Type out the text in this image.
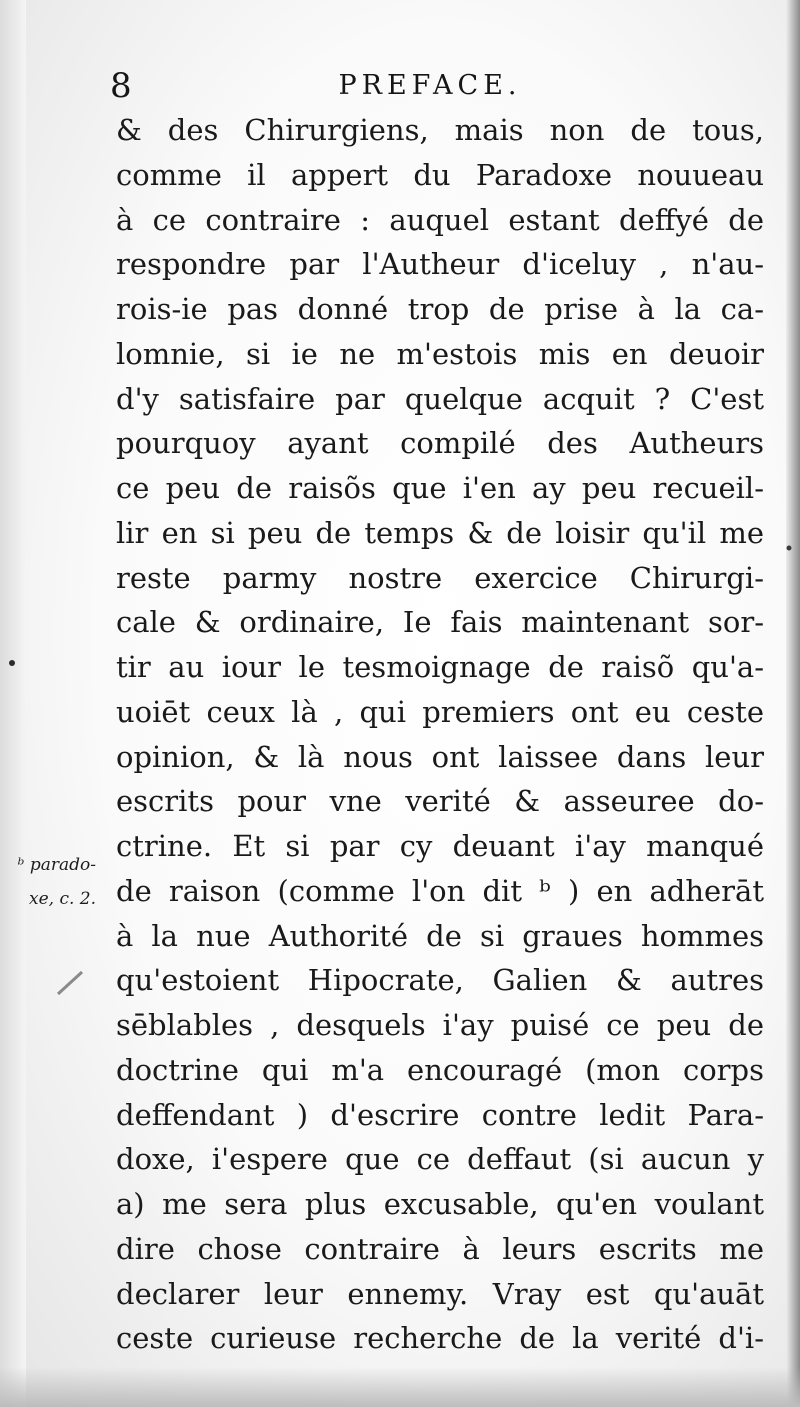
8	PREFACE.
& des Chirurgiens, mais non de tous,
comme il appert du Paradoxe nouueau
à ce contraire : auquel estant deffyé de
respondre par l'Autheur d'iceluy , n'au-
rois-ie pas donné trop de prise à la ca-
lomnie, si ie ne m'estois mis en deuoir
d'y satisfaire par quelque acquit ? C'est
pourquoy ayant compilé des Autheurs
ce peu de raisõs que i'en ay peu recueil-
lir en si peu de temps & de loisir qu'il me
reste parmy nostre exercice Chirurgi-
cale & ordinaire, Ie fais maintenant sor-
tir au iour le tesmoignage de raisõ qu'a-
uoiēt ceux là , qui premiers ont eu ceste
opinion, & là nous ont laissee dans leur
escrits pour vne verité & asseuree do-
ctrine. Et si par cy deuant i'ay manqué
de raison (comme l'on dit ᵇ ) en adherāt
à la nue Authorité de si graues hommes
qu'estoient Hipocrate, Galien & autres
sēblables , desquels i'ay puisé ce peu de
doctrine qui m'a encouragé (mon corps
deffendant ) d'escrire contre ledit Para-
doxe, i'espere que ce deffaut (si aucun y
a) me sera plus excusable, qu'en voulant
dire chose contraire à leurs escrits me
declarer leur ennemy. Vray est qu'auāt
ceste curieuse recherche de la verité d'i-
ᵇ parado-
xe, c. 2.
